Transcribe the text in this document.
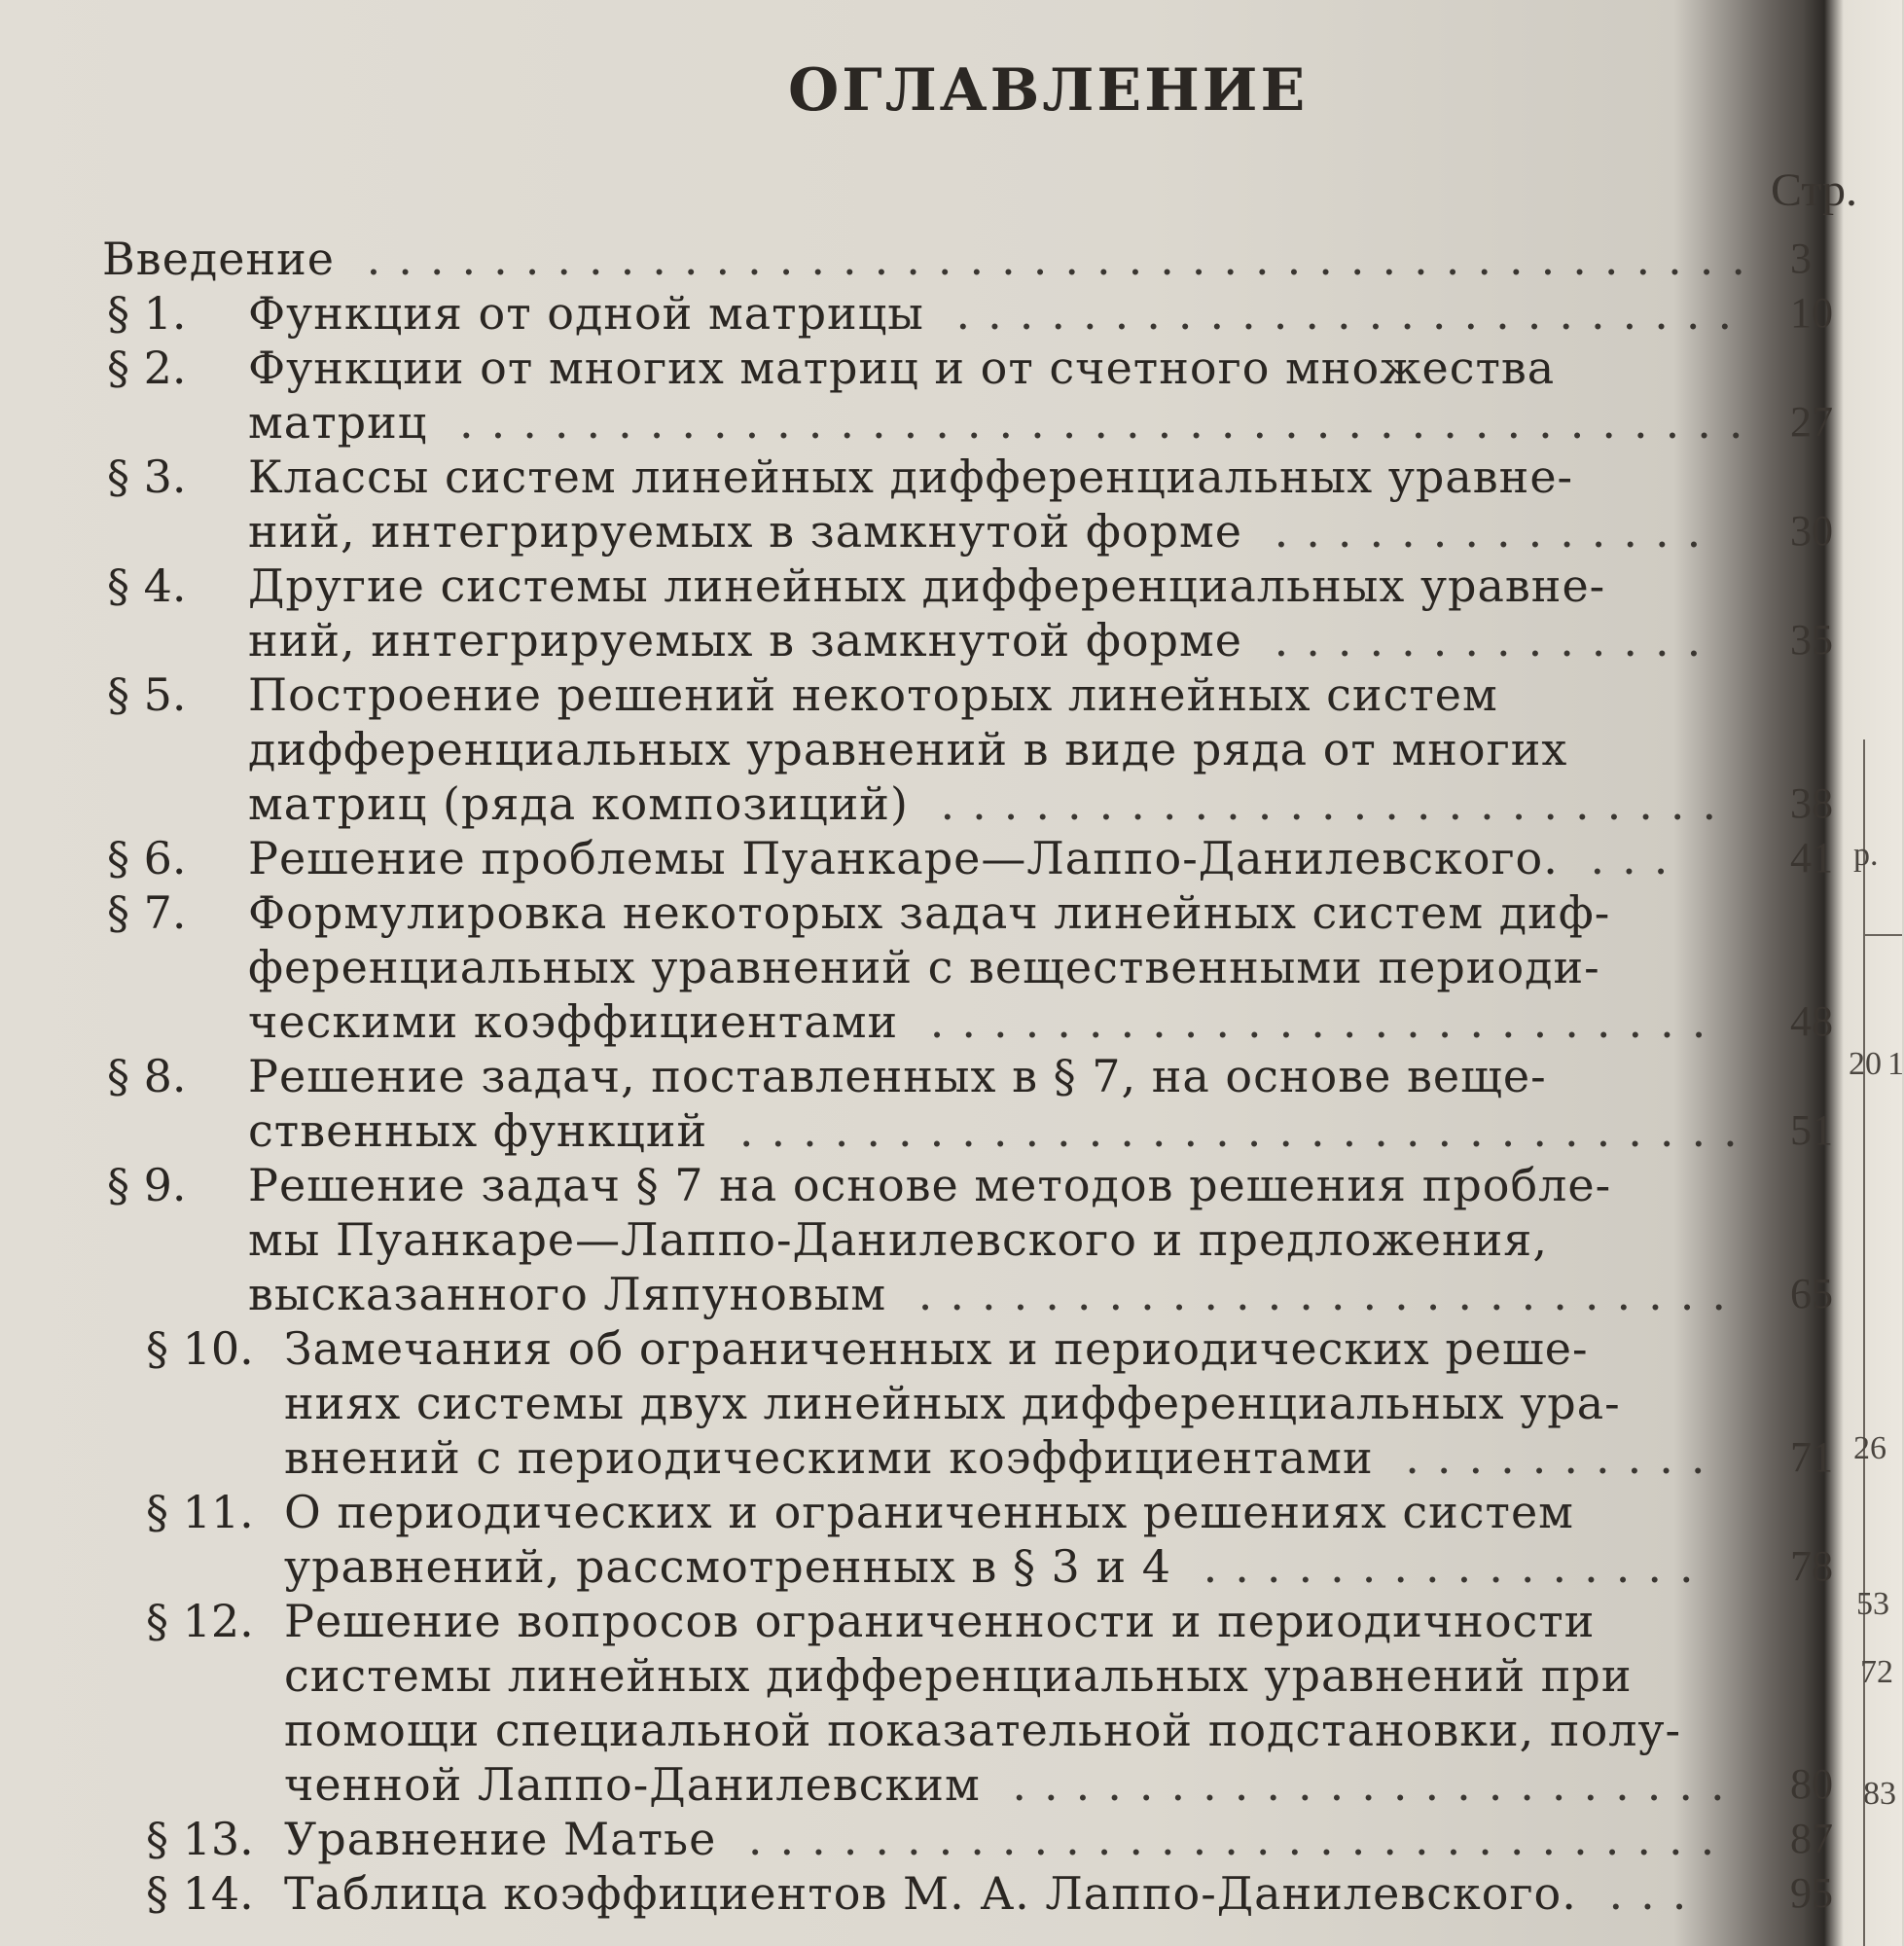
р.
20 1
26
53
72
83
ОГЛАВЛЕНИЕ
Стр.
Введение ............................................ 3
§ 1. Функция от одной матрицы ......................... 10
§ 2. Функции от многих матриц и от счетного множества
матриц ......................................... 27
§ 3. Классы систем линейных дифференциальных уравне-
ний, интегрируемых в замкнутой форме .............. 30
§ 4. Другие системы линейных дифференциальных уравне-
ний, интегрируемых в замкнутой форме .............. 35
§ 5. Построение решений некоторых линейных систем
дифференциальных уравнений в виде ряда от многих
матриц (ряда композиций) ......................... 38
§ 6. Решение проблемы Пуанкаре—Лаппо-Данилевского. ... 41
§ 7. Формулировка некоторых задач линейных систем диф-
ференциальных уравнений с вещественными периоди-
ческими коэффициентами ......................... 48
§ 8. Решение задач, поставленных в § 7, на основе веще-
ственных функций ................................ 51
§ 9. Решение задач § 7 на основе методов решения пробле-
мы Пуанкаре—Лаппо-Данилевского и предложения,
высказанного Ляпуновым .......................... 65
§ 10. Замечания об ограниченных и периодических реше-
ниях системы двух линейных дифференциальных ура-
внений с периодическими коэффициентами .......... 71
§ 11. О периодических и ограниченных решениях систем
уравнений, рассмотренных в § 3 и 4 ................ 78
§ 12. Решение вопросов ограниченности и периодичности
системы линейных дифференциальных уравнений при
помощи специальной показательной подстановки, полу-
ченной Лаппо-Данилевским ....................... 80
§ 13. Уравнение Матье ............................... 87
§ 14. Таблица коэффициентов М. А. Лаппо-Данилевского. ... 95
